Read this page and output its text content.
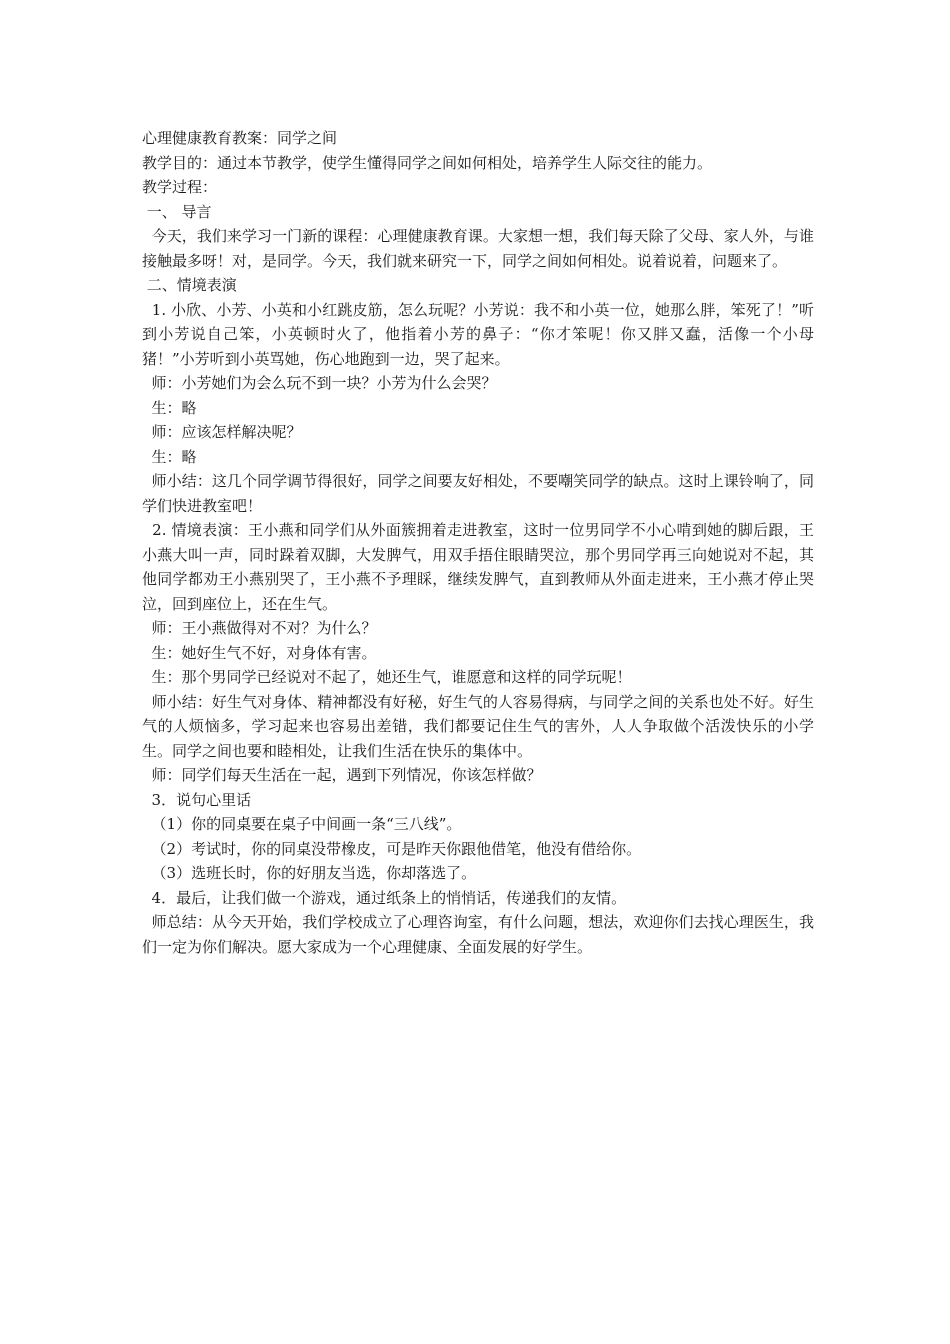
心理健康教育教案：同学之间

教学目的：通过本节教学，使学生懂得同学之间如何相处，培养学生人际交往的能力。

教学过程：

一、 导言

今天，我们来学习一门新的课程：心理健康教育课。大家想一想，我们每天除了父母、家人外，与谁接触最多呀！对，是同学。今天，我们就来研究一下，同学之间如何相处。说着说着，问题来了。

二、情境表演

1. 小欣、小芳、小英和小红跳皮筋，怎么玩呢？小芳说：我不和小英一位，她那么胖，笨死了！”听到小芳说自己笨，小英顿时火了，他指着小芳的鼻子：“你才笨呢！你又胖又蠢，活像一个小母猪！”小芳听到小英骂她，伤心地跑到一边，哭了起来。

师：小芳她们为会么玩不到一块？小芳为什么会哭？

生：略

师：应该怎样解决呢？

生：略

师小结：这几个同学调节得很好，同学之间要友好相处，不要嘲笑同学的缺点。这时上课铃响了，同学们快进教室吧！

2. 情境表演：王小燕和同学们从外面簇拥着走进教室，这时一位男同学不小心啃到她的脚后跟，王小燕大叫一声，同时跺着双脚，大发脾气，用双手捂住眼睛哭泣，那个男同学再三向她说对不起，其他同学都劝王小燕别哭了，王小燕不予理睬，继续发脾气，直到教师从外面走进来，王小燕才停止哭泣，回到座位上，还在生气。

师：王小燕做得对不对？为什么？

生：她好生气不好，对身体有害。

生：那个男同学已经说对不起了，她还生气，谁愿意和这样的同学玩呢！

师小结：好生气对身体、精神都没有好秘，好生气的人容易得病，与同学之间的关系也处不好。好生气的人烦恼多，学习起来也容易出差错，我们都要记住生气的害外，人人争取做个活泼快乐的小学生。同学之间也要和睦相处，让我们生活在快乐的集体中。

师：同学们每天生活在一起，遇到下列情况，你该怎样做？

3．说句心里话

（1）你的同桌要在桌子中间画一条“三八线”。

（2）考试时，你的同桌没带橡皮，可是昨天你跟他借笔，他没有借给你。

（3）选班长时，你的好朋友当选，你却落选了。

4．最后，让我们做一个游戏，通过纸条上的悄悄话，传递我们的友情。

师总结：从今天开始，我们学校成立了心理咨询室，有什么问题，想法，欢迎你们去找心理医生，我们一定为你们解决。愿大家成为一个心理健康、全面发展的好学生。
